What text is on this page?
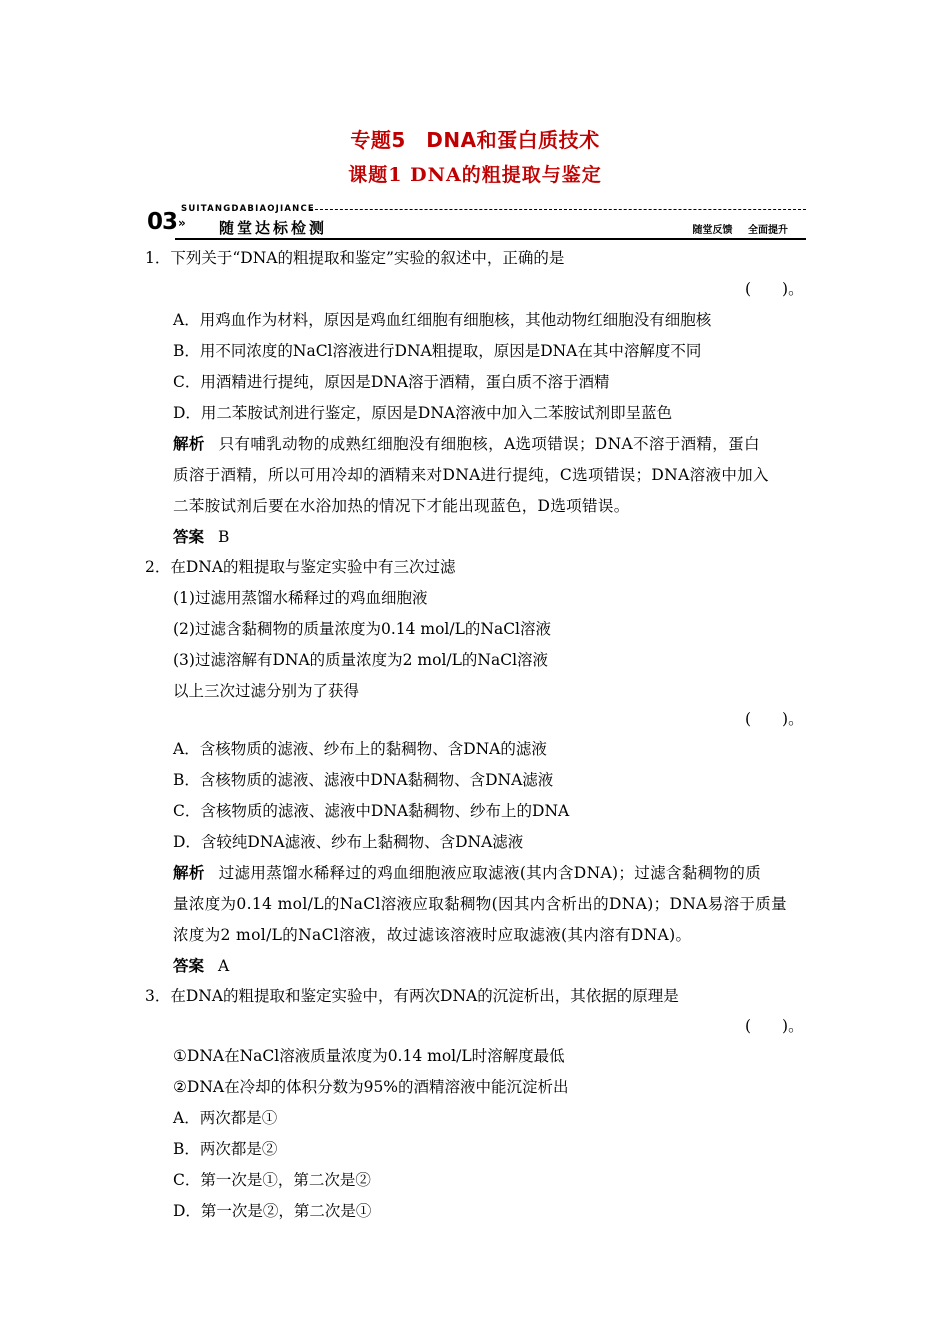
专题5　DNA和蛋白质技术
课题1 DNA的粗提取与鉴定
SUITANGDABIAOJIANCE
03 » 随堂达标检测	随堂反馈 全面提升
1．下列关于“DNA的粗提取和鉴定”实验的叙述中，正确的是
(　　)。
A．用鸡血作为材料，原因是鸡血红细胞有细胞核，其他动物红细胞没有细胞核
B．用不同浓度的NaCl溶液进行DNA粗提取，原因是DNA在其中溶解度不同
C．用酒精进行提纯，原因是DNA溶于酒精，蛋白质不溶于酒精
D．用二苯胺试剂进行鉴定，原因是DNA溶液中加入二苯胺试剂即呈蓝色
解析 只有哺乳动物的成熟红细胞没有细胞核，A选项错误；DNA不溶于酒精，蛋白
质溶于酒精，所以可用冷却的酒精来对DNA进行提纯，C选项错误；DNA溶液中加入
二苯胺试剂后要在水浴加热的情况下才能出现蓝色，D选项错误。
答案 B
2．在DNA的粗提取与鉴定实验中有三次过滤
(1)过滤用蒸馏水稀释过的鸡血细胞液
(2)过滤含黏稠物的质量浓度为0.14 mol/L的NaCl溶液
(3)过滤溶解有DNA的质量浓度为2 mol/L的NaCl溶液
以上三次过滤分别为了获得
(　　)。
A．含核物质的滤液、纱布上的黏稠物、含DNA的滤液
B．含核物质的滤液、滤液中DNA黏稠物、含DNA滤液
C．含核物质的滤液、滤液中DNA黏稠物、纱布上的DNA
D．含较纯DNA滤液、纱布上黏稠物、含DNA滤液
解析 过滤用蒸馏水稀释过的鸡血细胞液应取滤液(其内含DNA)；过滤含黏稠物的质
量浓度为0.14 mol/L的NaCl溶液应取黏稠物(因其内含析出的DNA)；DNA易溶于质量
浓度为2 mol/L的NaCl溶液，故过滤该溶液时应取滤液(其内溶有DNA)。
答案 A
3．在DNA的粗提取和鉴定实验中，有两次DNA的沉淀析出，其依据的原理是
(　　)。
①DNA在NaCl溶液质量浓度为0.14 mol/L时溶解度最低
②DNA在冷却的体积分数为95%的酒精溶液中能沉淀析出
A．两次都是①
B．两次都是②
C．第一次是①，第二次是②
D．第一次是②，第二次是①
